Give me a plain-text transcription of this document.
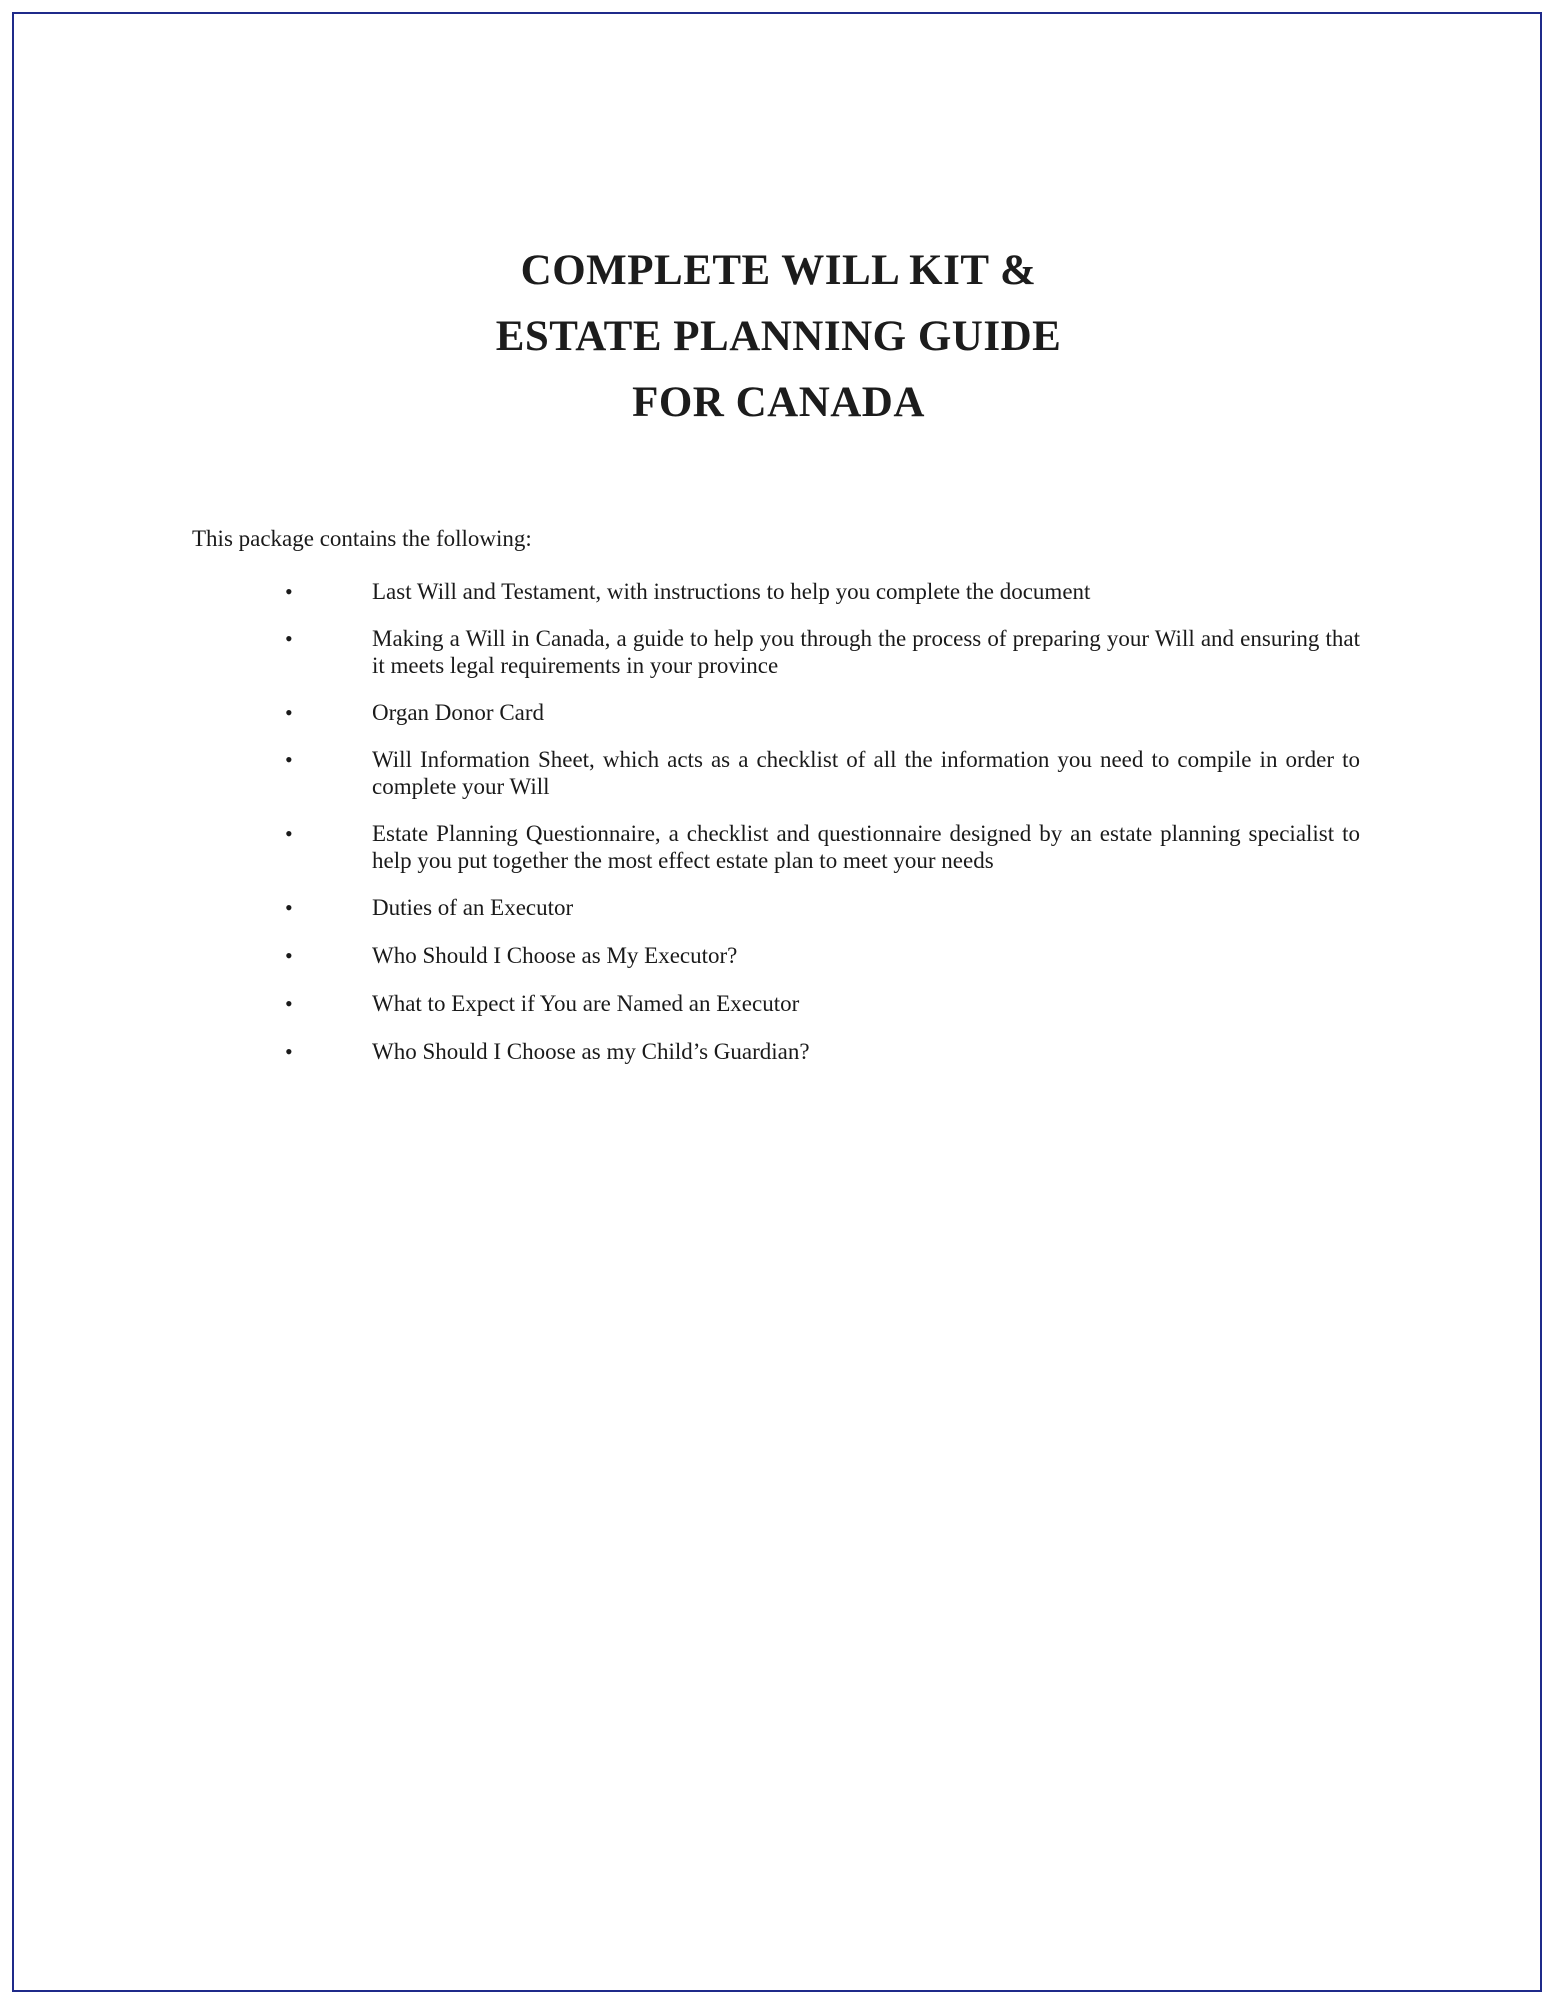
COMPLETE WILL KIT &
ESTATE PLANNING GUIDE
FOR CANADA
This package contains the following:
•	Last Will and Testament, with instructions to help you complete the document
•	Making a Will in Canada, a guide to help you through the process of preparing your Will and ensuring that it meets legal requirements in your province
•	Organ Donor Card
•	Will Information Sheet, which acts as a checklist of all the information you need to compile in order to complete your Will
•	Estate Planning Questionnaire, a checklist and questionnaire designed by an estate planning specialist to help you put together the most effect estate plan to meet your needs
•	Duties of an Executor
•	Who Should I Choose as My Executor?
•	What to Expect if You are Named an Executor
•	Who Should I Choose as my Child’s Guardian?
